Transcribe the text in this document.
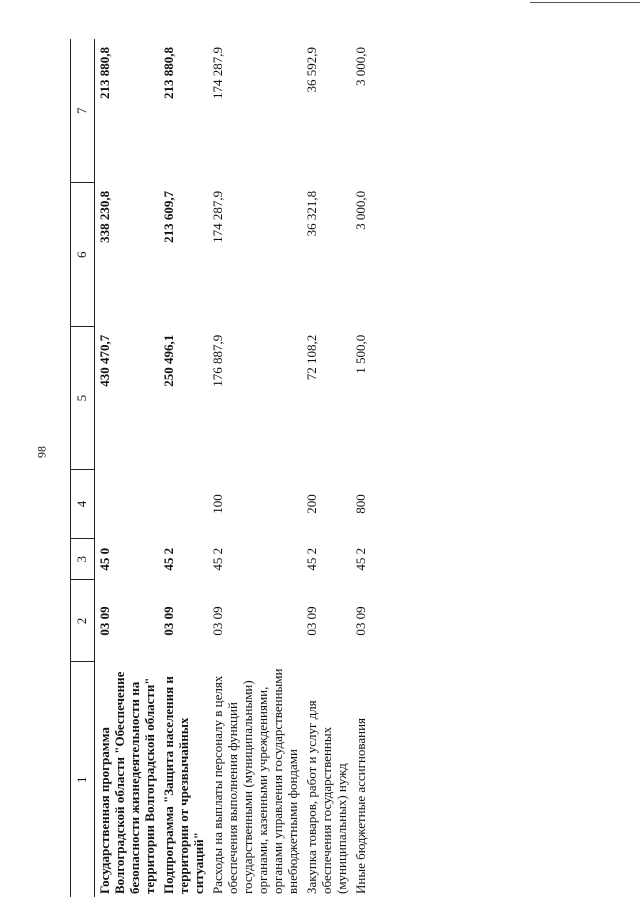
98
1	2	3	4	5	6	7
Государственная программа Волгоградской области "Обеспечение безопасности жизнедеятельности на территории Волгоградской области"	03 09	45 0		430 470,7	338 230,8	213 880,8
Подпрограмма "Защита населения и территории от чрезвычайных ситуаций"	03 09	45 2		250 496,1	213 609,7	213 880,8
Расходы на выплаты персоналу в целях обеспечения выполнения функций государственными (муниципальными) органами, казенными учреждениями, органами управления государственными внебюджетными фондами	03 09	45 2	100	176 887,9	174 287,9	174 287,9
Закупка товаров, работ и услуг для обеспечения государственных (муниципальных) нужд	03 09	45 2	200	72 108,2	36 321,8	36 592,9
Иные бюджетные ассигнования	03 09	45 2	800	1 500,0	3 000,0	3 000,0
